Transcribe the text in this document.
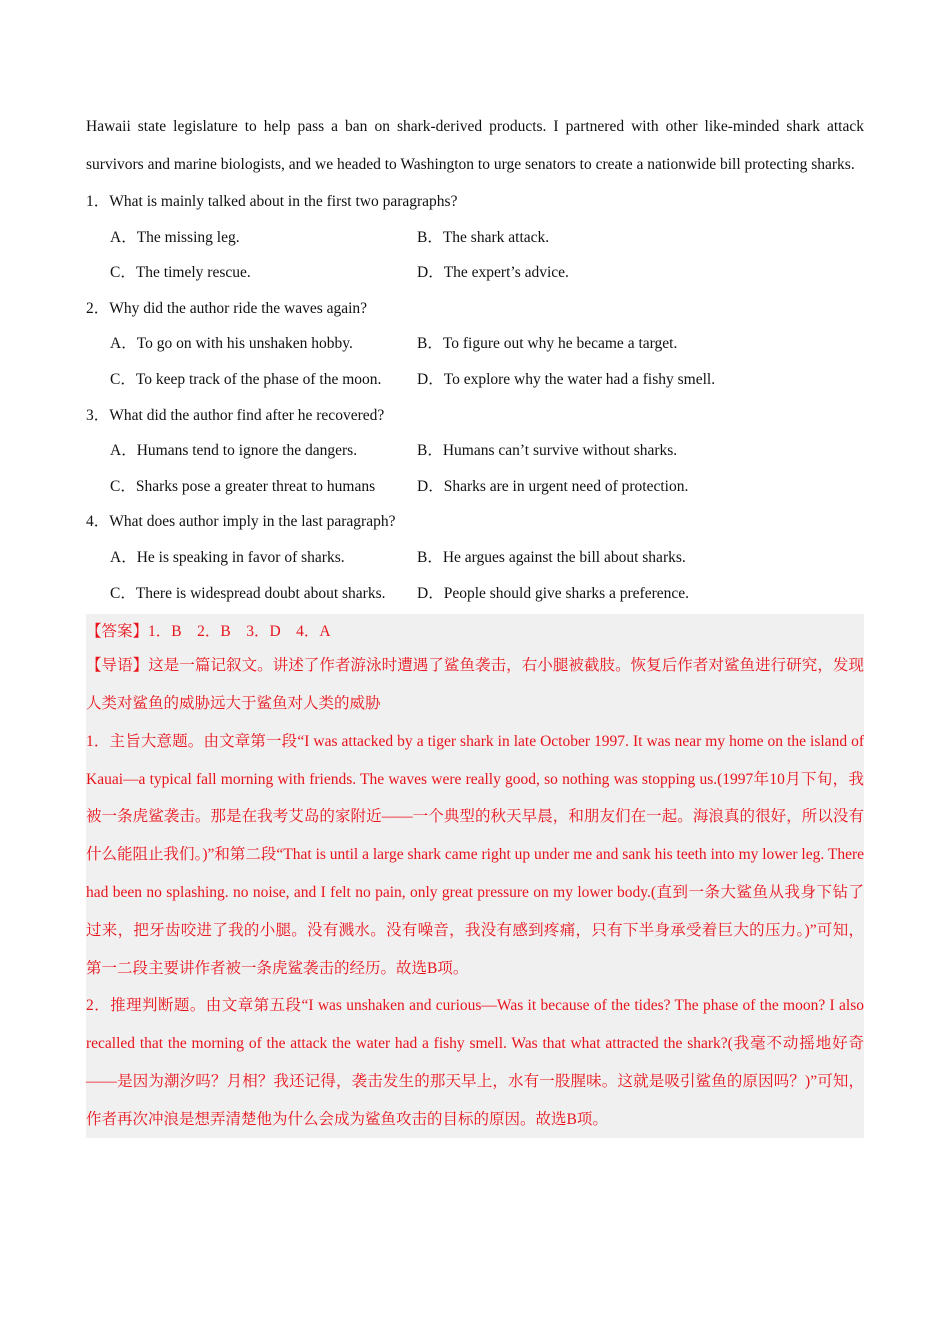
Hawaii state legislature to help pass a ban on shark-derived products. I partnered with other like-minded shark attack survivors and marine biologists, and we headed to Washington to urge senators to create a nationwide bill protecting sharks.

1．What is mainly talked about in the first two paragraphs?

A．The missing leg.	B．The shark attack.
C．The timely rescue.	D．The expert’s advice.

2．Why did the author ride the waves again?

A．To go on with his unshaken hobby.	B．To figure out why he became a target.
C．To keep track of the phase of the moon.	D．To explore why the water had a fishy smell.

3．What did the author find after he recovered?

A．Humans tend to ignore the dangers.	B．Humans can’t survive without sharks.
C．Sharks pose a greater threat to humans	D．Sharks are in urgent need of protection.

4．What does author imply in the last paragraph?

A．He is speaking in favor of sharks.	B．He argues against the bill about sharks.
C．There is widespread doubt about sharks.	D．People should give sharks a preference.

【答案】1．B　2．B　3．D　4．A

【导语】这是一篇记叙文。讲述了作者游泳时遭遇了鲨鱼袭击，右小腿被截肢。恢复后作者对鲨鱼进行研究，发现人类对鲨鱼的威胁远大于鲨鱼对人类的威胁

1．主旨大意题。由文章第一段“I was attacked by a tiger shark in late October 1997. It was near my home on the island of Kauai—a typical fall morning with friends. The waves were really good, so nothing was stopping us.(1997年10月下旬，我被一条虎鲨袭击。那是在我考艾岛的家附近——一个典型的秋天早晨，和朋友们在一起。海浪真的很好，所以没有什么能阻止我们。)”和第二段“That is until a large shark came right up under me and sank his teeth into my lower leg. There had been no splashing. no noise, and I felt no pain, only great pressure on my lower body.(直到一条大鲨鱼从我身下钻了过来，把牙齿咬进了我的小腿。没有溅水。没有噪音，我没有感到疼痛，只有下半身承受着巨大的压力。)”可知，第一二段主要讲作者被一条虎鲨袭击的经历。故选B项。

2．推理判断题。由文章第五段“I was unshaken and curious—Was it because of the tides? The phase of the moon? I also recalled that the morning of the attack the water had a fishy smell. Was that what attracted the shark?(我毫不动摇地好奇——是因为潮汐吗？月相？我还记得，袭击发生的那天早上，水有一股腥味。这就是吸引鲨鱼的原因吗？)”可知，作者再次冲浪是想弄清楚他为什么会成为鲨鱼攻击的目标的原因。故选B项。
